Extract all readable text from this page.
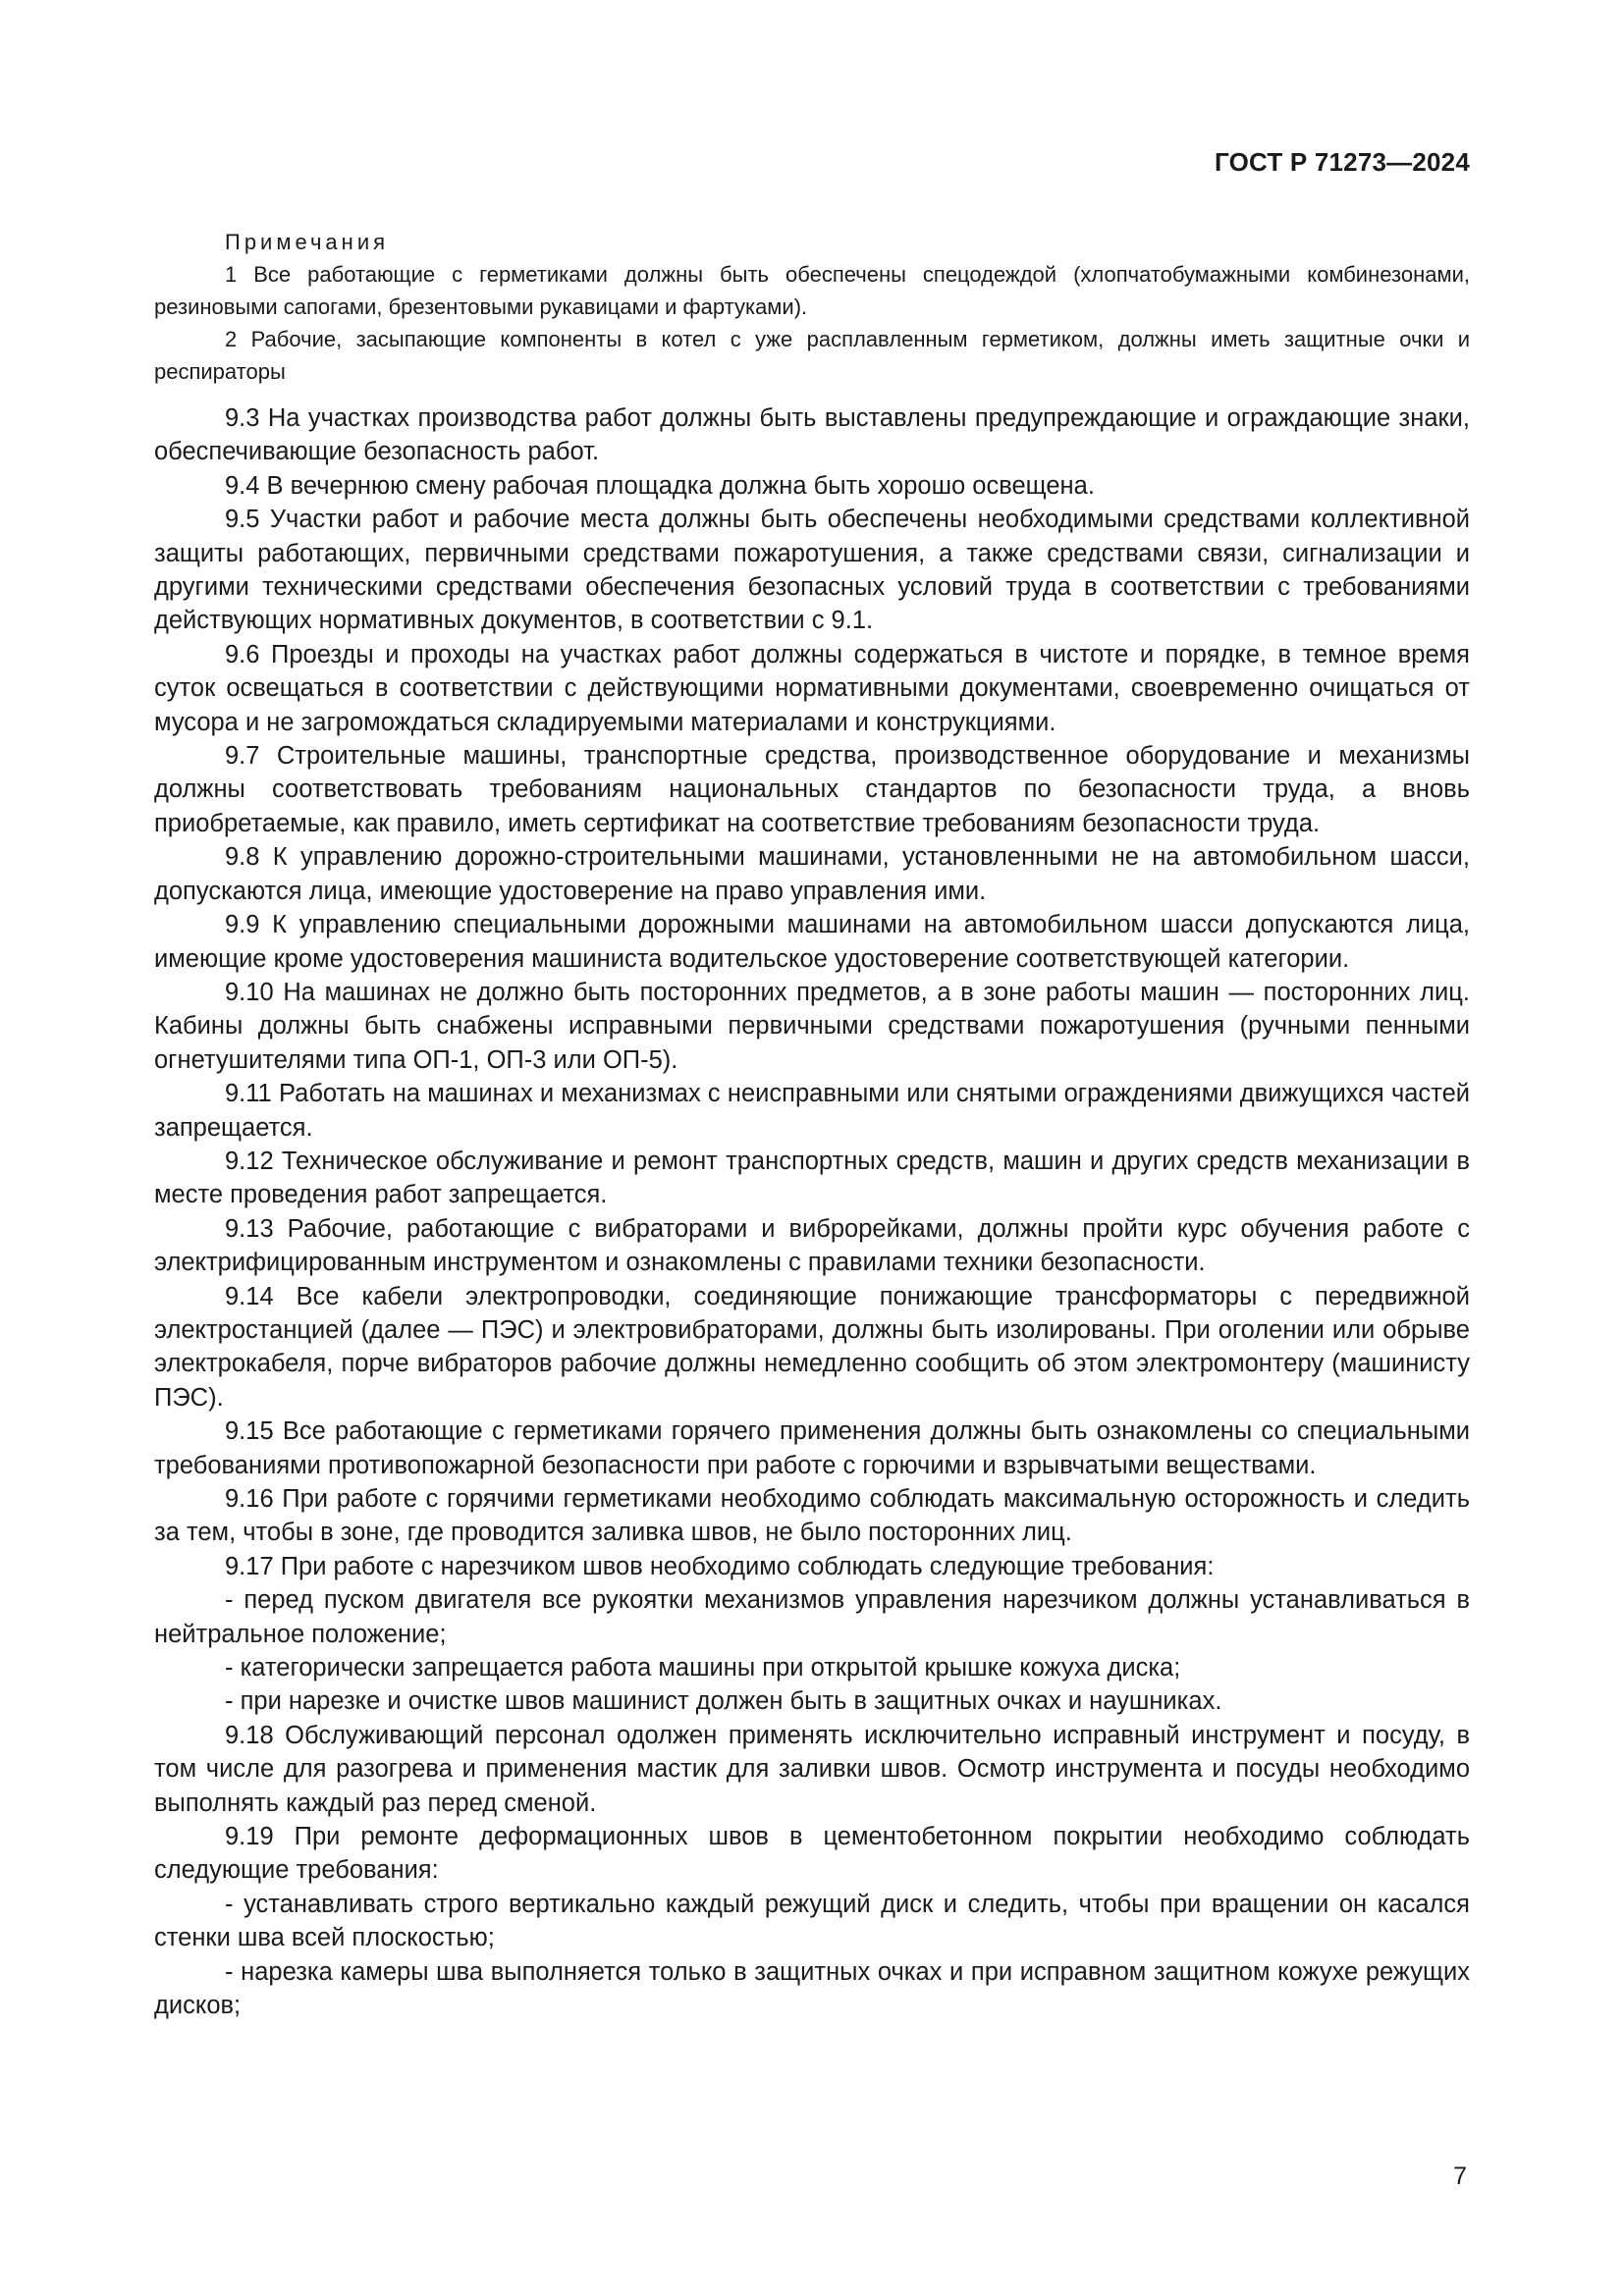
ГОСТ Р 71273—2024
Примечания
1 Все работающие с герметиками должны быть обеспечены спецодеждой (хлопчатобумажными комбинезонами, резиновыми сапогами, брезентовыми рукавицами и фартуками).
2 Рабочие, засыпающие компоненты в котел с уже расплавленным герметиком, должны иметь защитные очки и респираторы

9.3 На участках производства работ должны быть выставлены предупреждающие и ограждающие знаки, обеспечивающие безопасность работ.

9.4 В вечернюю смену рабочая площадка должна быть хорошо освещена.

9.5 Участки работ и рабочие места должны быть обеспечены необходимыми средствами коллективной защиты работающих, первичными средствами пожаротушения, а также средствами связи, сигнализации и другими техническими средствами обеспечения безопасных условий труда в соответствии с требованиями действующих нормативных документов, в соответствии с 9.1.

9.6 Проезды и проходы на участках работ должны содержаться в чистоте и порядке, в темное время суток освещаться в соответствии с действующими нормативными документами, своевременно очищаться от мусора и не загромождаться складируемыми материалами и конструкциями.

9.7 Строительные машины, транспортные средства, производственное оборудование и механизмы должны соответствовать требованиям национальных стандартов по безопасности труда, а вновь приобретаемые, как правило, иметь сертификат на соответствие требованиям безопасности труда.

9.8 К управлению дорожно-строительными машинами, установленными не на автомобильном шасси, допускаются лица, имеющие удостоверение на право управления ими.

9.9 К управлению специальными дорожными машинами на автомобильном шасси допускаются лица, имеющие кроме удостоверения машиниста водительское удостоверение соответствующей категории.

9.10 На машинах не должно быть посторонних предметов, а в зоне работы машин — посторонних лиц. Кабины должны быть снабжены исправными первичными средствами пожаротушения (ручными пенными огнетушителями типа ОП-1, ОП-3 или ОП-5).

9.11 Работать на машинах и механизмах с неисправными или снятыми ограждениями движущихся частей запрещается.

9.12 Техническое обслуживание и ремонт транспортных средств, машин и других средств механизации в месте проведения работ запрещается.

9.13 Рабочие, работающие с вибраторами и виброрейками, должны пройти курс обучения работе с электрифицированным инструментом и ознакомлены с правилами техники безопасности.

9.14 Все кабели электропроводки, соединяющие понижающие трансформаторы с передвижной электростанцией (далее — ПЭС) и электровибраторами, должны быть изолированы. При оголении или обрыве электрокабеля, порче вибраторов рабочие должны немедленно сообщить об этом электромонтеру (машинисту ПЭС).

9.15 Все работающие с герметиками горячего применения должны быть ознакомлены со специальными требованиями противопожарной безопасности при работе с горючими и взрывчатыми веществами.

9.16 При работе с горячими герметиками необходимо соблюдать максимальную осторожность и следить за тем, чтобы в зоне, где проводится заливка швов, не было посторонних лиц.

9.17 При работе с нарезчиком швов необходимо соблюдать следующие требования:

- перед пуском двигателя все рукоятки механизмов управления нарезчиком должны устанавливаться в нейтральное положение;

- категорически запрещается работа машины при открытой крышке кожуха диска;

- при нарезке и очистке швов машинист должен быть в защитных очках и наушниках.

9.18 Обслуживающий персонал одолжен применять исключительно исправный инструмент и посуду, в том числе для разогрева и применения мастик для заливки швов. Осмотр инструмента и посуды необходимо выполнять каждый раз перед сменой.

9.19 При ремонте деформационных швов в цементобетонном покрытии необходимо соблюдать следующие требования:

- устанавливать строго вертикально каждый режущий диск и следить, чтобы при вращении он касался стенки шва всей плоскостью;

- нарезка камеры шва выполняется только в защитных очках и при исправном защитном кожухе режущих дисков;

7
